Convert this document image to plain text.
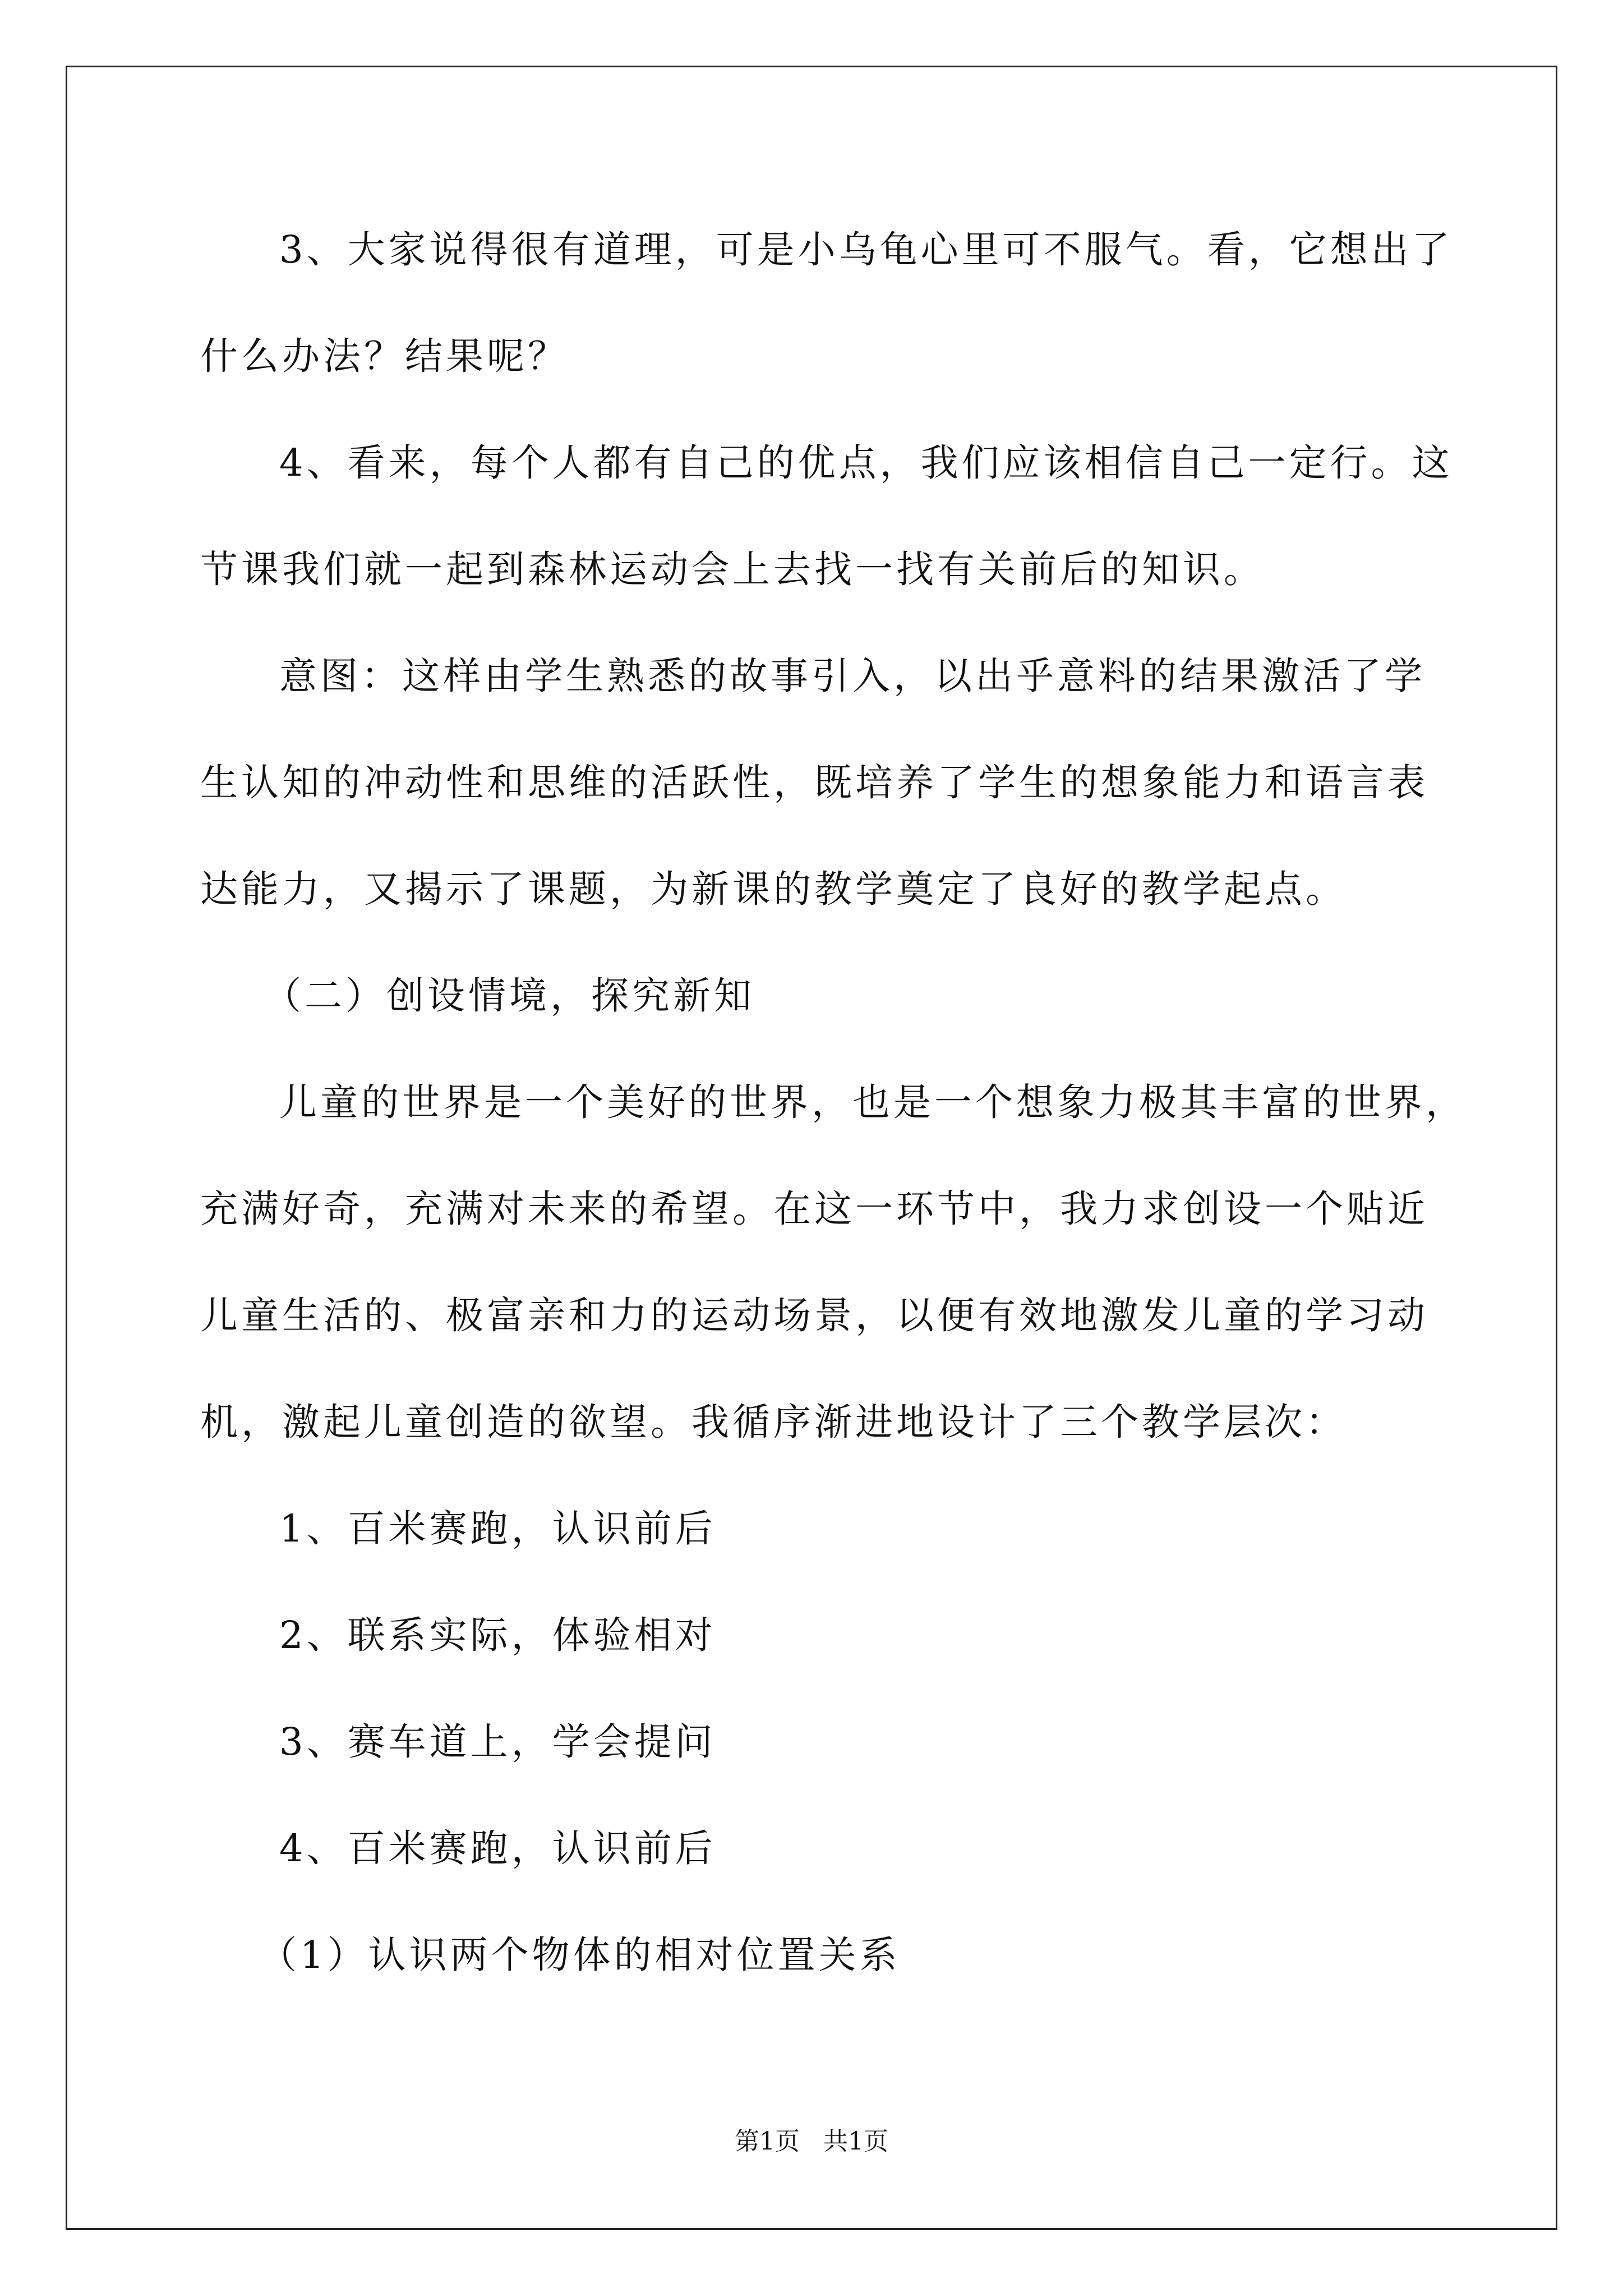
3、大家说得很有道理，可是小乌龟心里可不服气。看，它想出了
什么办法？结果呢？
4、看来，每个人都有自己的优点，我们应该相信自己一定行。这
节课我们就一起到森林运动会上去找一找有关前后的知识。
意图：这样由学生熟悉的故事引入，以出乎意料的结果激活了学
生认知的冲动性和思维的活跃性，既培养了学生的想象能力和语言表
达能力，又揭示了课题，为新课的教学奠定了良好的教学起点。
（二）创设情境，探究新知
儿童的世界是一个美好的世界，也是一个想象力极其丰富的世界，
充满好奇，充满对未来的希望。在这一环节中，我力求创设一个贴近
儿童生活的、极富亲和力的运动场景，以便有效地激发儿童的学习动
机，激起儿童创造的欲望。我循序渐进地设计了三个教学层次：
1、百米赛跑，认识前后
2、联系实际，体验相对
3、赛车道上，学会提问
4、百米赛跑，认识前后
（1）认识两个物体的相对位置关系
第1页   共1页
